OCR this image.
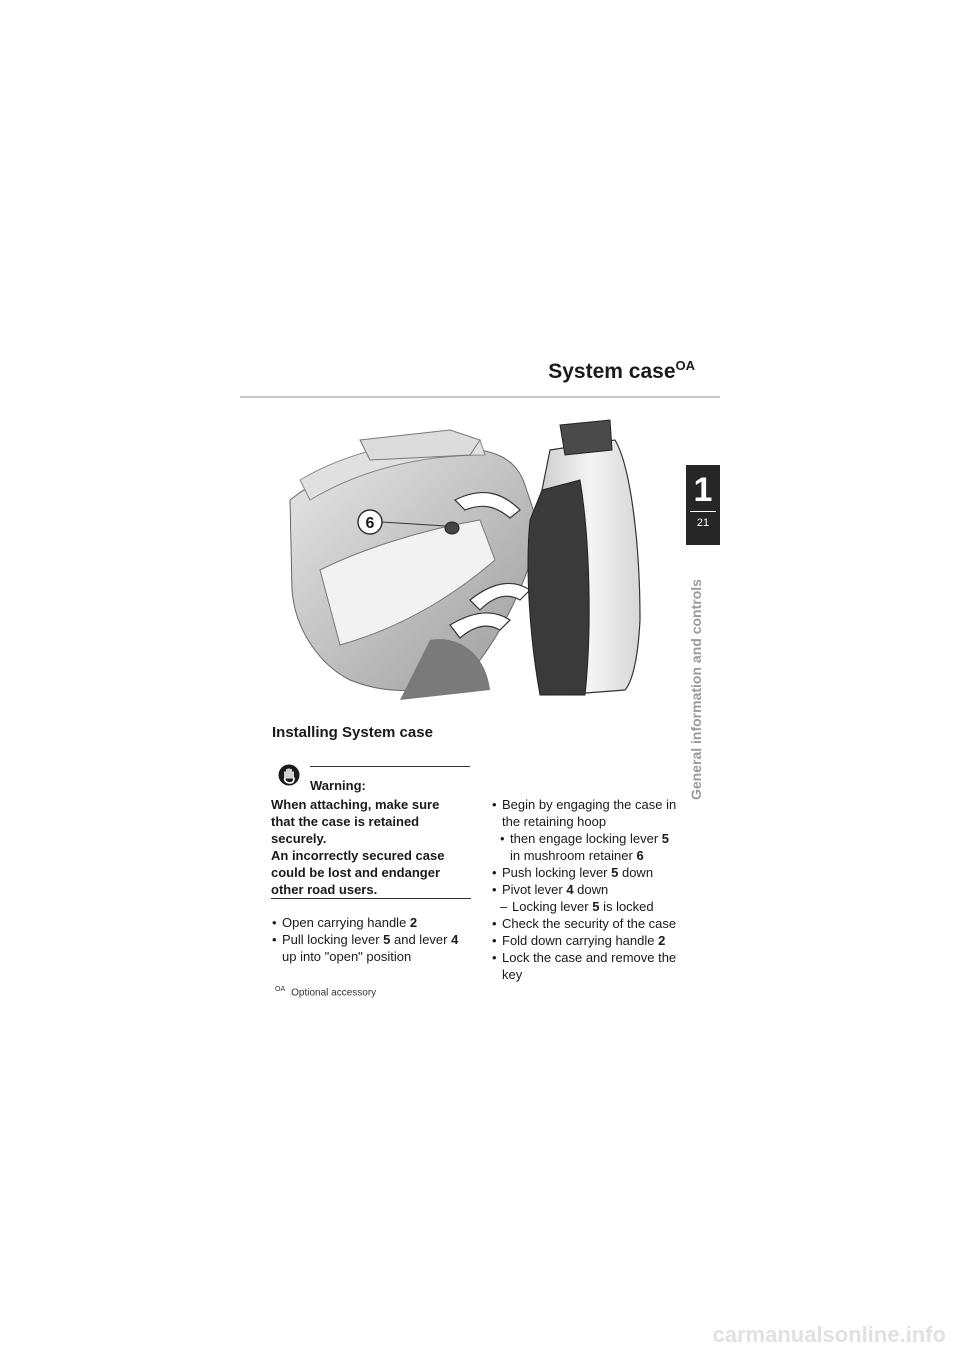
System case$^{OA}$
1
21
General information and controls
6
Installing System case
Warning:
When attaching, make sure
that the case is retained
securely.
An incorrectly secured case
could be lost and endanger
other road users.
• Open carrying handle 2
• Pull locking lever 5 and lever 4
up into "open" position
$^{OA}$ Optional accessory
• Begin by engaging the case in the retaining hoop
• then engage locking lever 5 in mushroom retainer 6
• Push locking lever 5 down
• Pivot lever 4 down
– Locking lever 5 is locked
• Check the security of the case
• Fold down carrying handle 2
• Lock the case and remove the key
carmanualsonline.info
